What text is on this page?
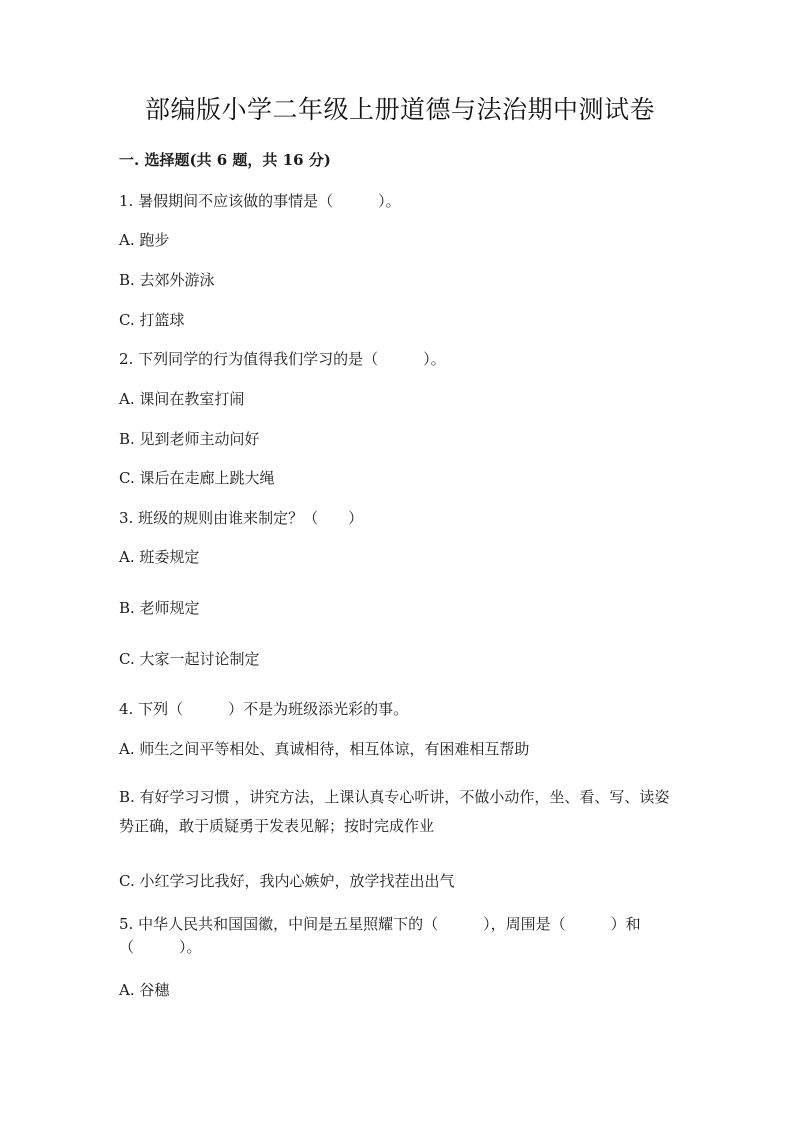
部编版小学二年级上册道德与法治期中测试卷

一. 选择题(共 6 题，共 16 分)

1. 暑假期间不应该做的事情是（　　　）。

A. 跑步

B. 去郊外游泳

C. 打篮球

2. 下列同学的行为值得我们学习的是（　　　）。

A. 课间在教室打闹

B. 见到老师主动问好

C. 课后在走廊上跳大绳

3. 班级的规则由谁来制定？（　　）

A. 班委规定

B. 老师规定

C. 大家一起讨论制定

4. 下列（　　　）不是为班级添光彩的事。

A. 师生之间平等相处、真诚相待，相互体谅，有困难相互帮助

B. 有好学习习惯 ，讲究方法，上课认真专心听讲，不做小动作，坐、看、写、读姿势正确，敢于质疑勇于发表见解；按时完成作业

C. 小红学习比我好，我内心嫉妒，放学找茬出出气

5. 中华人民共和国国徽，中间是五星照耀下的（　　　），周围是（　　　）和（　　　）。

A. 谷穗
